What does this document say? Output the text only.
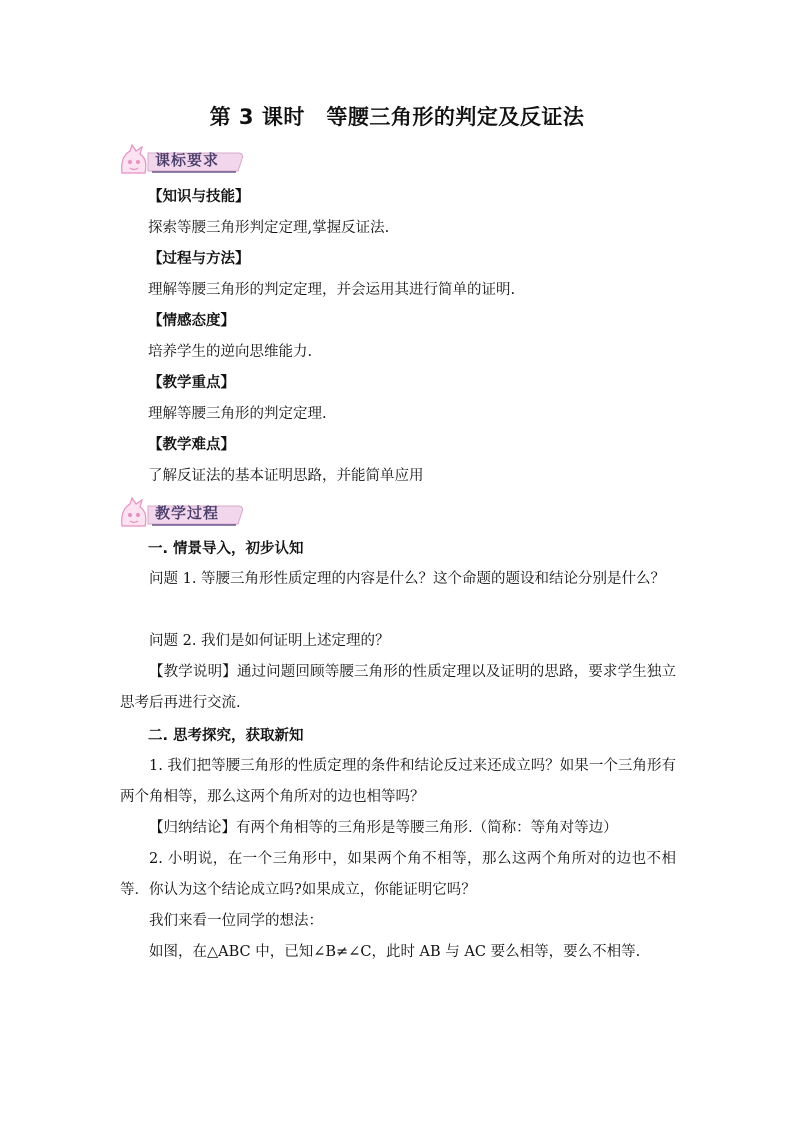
第 3 课时　等腰三角形的判定及反证法
课标要求
【知识与技能】
探索等腰三角形判定定理,掌握反证法.
【过程与方法】
理解等腰三角形的判定定理，并会运用其进行简单的证明.
【情感态度】
培养学生的逆向思维能力.
【教学重点】
理解等腰三角形的判定定理.
【教学难点】
了解反证法的基本证明思路，并能简单应用
教学过程
一. 情景导入，初步认知
问题 1. 等腰三角形性质定理的内容是什么？这个命题的题设和结论分别是什么？
问题 2. 我们是如何证明上述定理的？
【教学说明】通过问题回顾等腰三角形的性质定理以及证明的思路，要求学生独立思考后再进行交流.
二. 思考探究，获取新知
1. 我们把等腰三角形的性质定理的条件和结论反过来还成立吗？如果一个三角形有两个角相等，那么这两个角所对的边也相等吗？
【归纳结论】有两个角相等的三角形是等腰三角形.（简称：等角对等边）
2. 小明说，在一个三角形中，如果两个角不相等，那么这两个角所对的边也不相等．你认为这个结论成立吗?如果成立，你能证明它吗？
我们来看一位同学的想法：
如图，在△ABC 中，已知∠B≠∠C，此时 AB 与 AC 要么相等，要么不相等.
